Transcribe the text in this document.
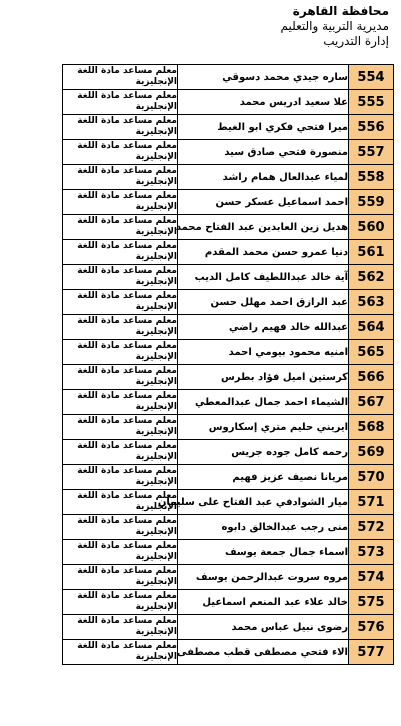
محافظة القاهرة
مديرية التربية والتعليم
إدارة التدريب
معلم مساعد مادة اللغة
الإنجليزية	ساره جيدي محمد دسوقي	554

معلم مساعد مادة اللغة
الإنجليزية	علا سعيد ادريس محمد	555

معلم مساعد مادة اللغة
الإنجليزية	ميرا فتحي فكري ابو الغيط	556

معلم مساعد مادة اللغة
الإنجليزية	منصورة فتحي صادق سيد	557

معلم مساعد مادة اللغة
الإنجليزية	لمياء عبدالعال همام راشد	558

معلم مساعد مادة اللغة
الإنجليزية	احمد اسماعيل عسكر حسن	559

معلم مساعد مادة اللغة
الإنجليزية	هديل زين العابدين عبد الفتاح محمد	560

معلم مساعد مادة اللغة
الإنجليزية	دنيا عمرو حسن محمد المقدم	561

معلم مساعد مادة اللغة
الإنجليزية	آية خالد عبداللطيف كامل الديب	562

معلم مساعد مادة اللغة
الإنجليزية	عبد الرازق احمد مهلل حسن	563

معلم مساعد مادة اللغة
الإنجليزية	عبدالله خالد فهيم راضي	564

معلم مساعد مادة اللغة
الإنجليزية	امنيه محمود بيومي احمد	565

معلم مساعد مادة اللغة
الإنجليزية	كرستين اميل فؤاد بطرس	566

معلم مساعد مادة اللغة
الإنجليزية	الشيماء احمد جمال عبدالمعطي	567

معلم مساعد مادة اللغة
الإنجليزية	ايريني حليم متري إسكاروس	568

معلم مساعد مادة اللغة
الإنجليزية	رحمه كامل جوده جريس	569

معلم مساعد مادة اللغة
الإنجليزية	مريانا نصيف عزيز فهيم	570

معلم مساعد مادة اللغة
الإنجليزية	ميار الشوادفي عبد الفتاح على سليمان	571

معلم مساعد مادة اللغة
الإنجليزية	منى رجب عبدالخالق دابوه	572

معلم مساعد مادة اللغة
الإنجليزية	اسماء جمال جمعة يوسف	573

معلم مساعد مادة اللغة
الإنجليزية	مروه سروت عبدالرحمن يوسف	574

معلم مساعد مادة اللغة
الإنجليزية	خالد علاء عبد المنعم اسماعيل	575

معلم مساعد مادة اللغة
الإنجليزية	رضوى نبيل عباس محمد	576

معلم مساعد مادة اللغة
الإنجليزية	الاء فتحي مصطفى قطب مصطفى	577
